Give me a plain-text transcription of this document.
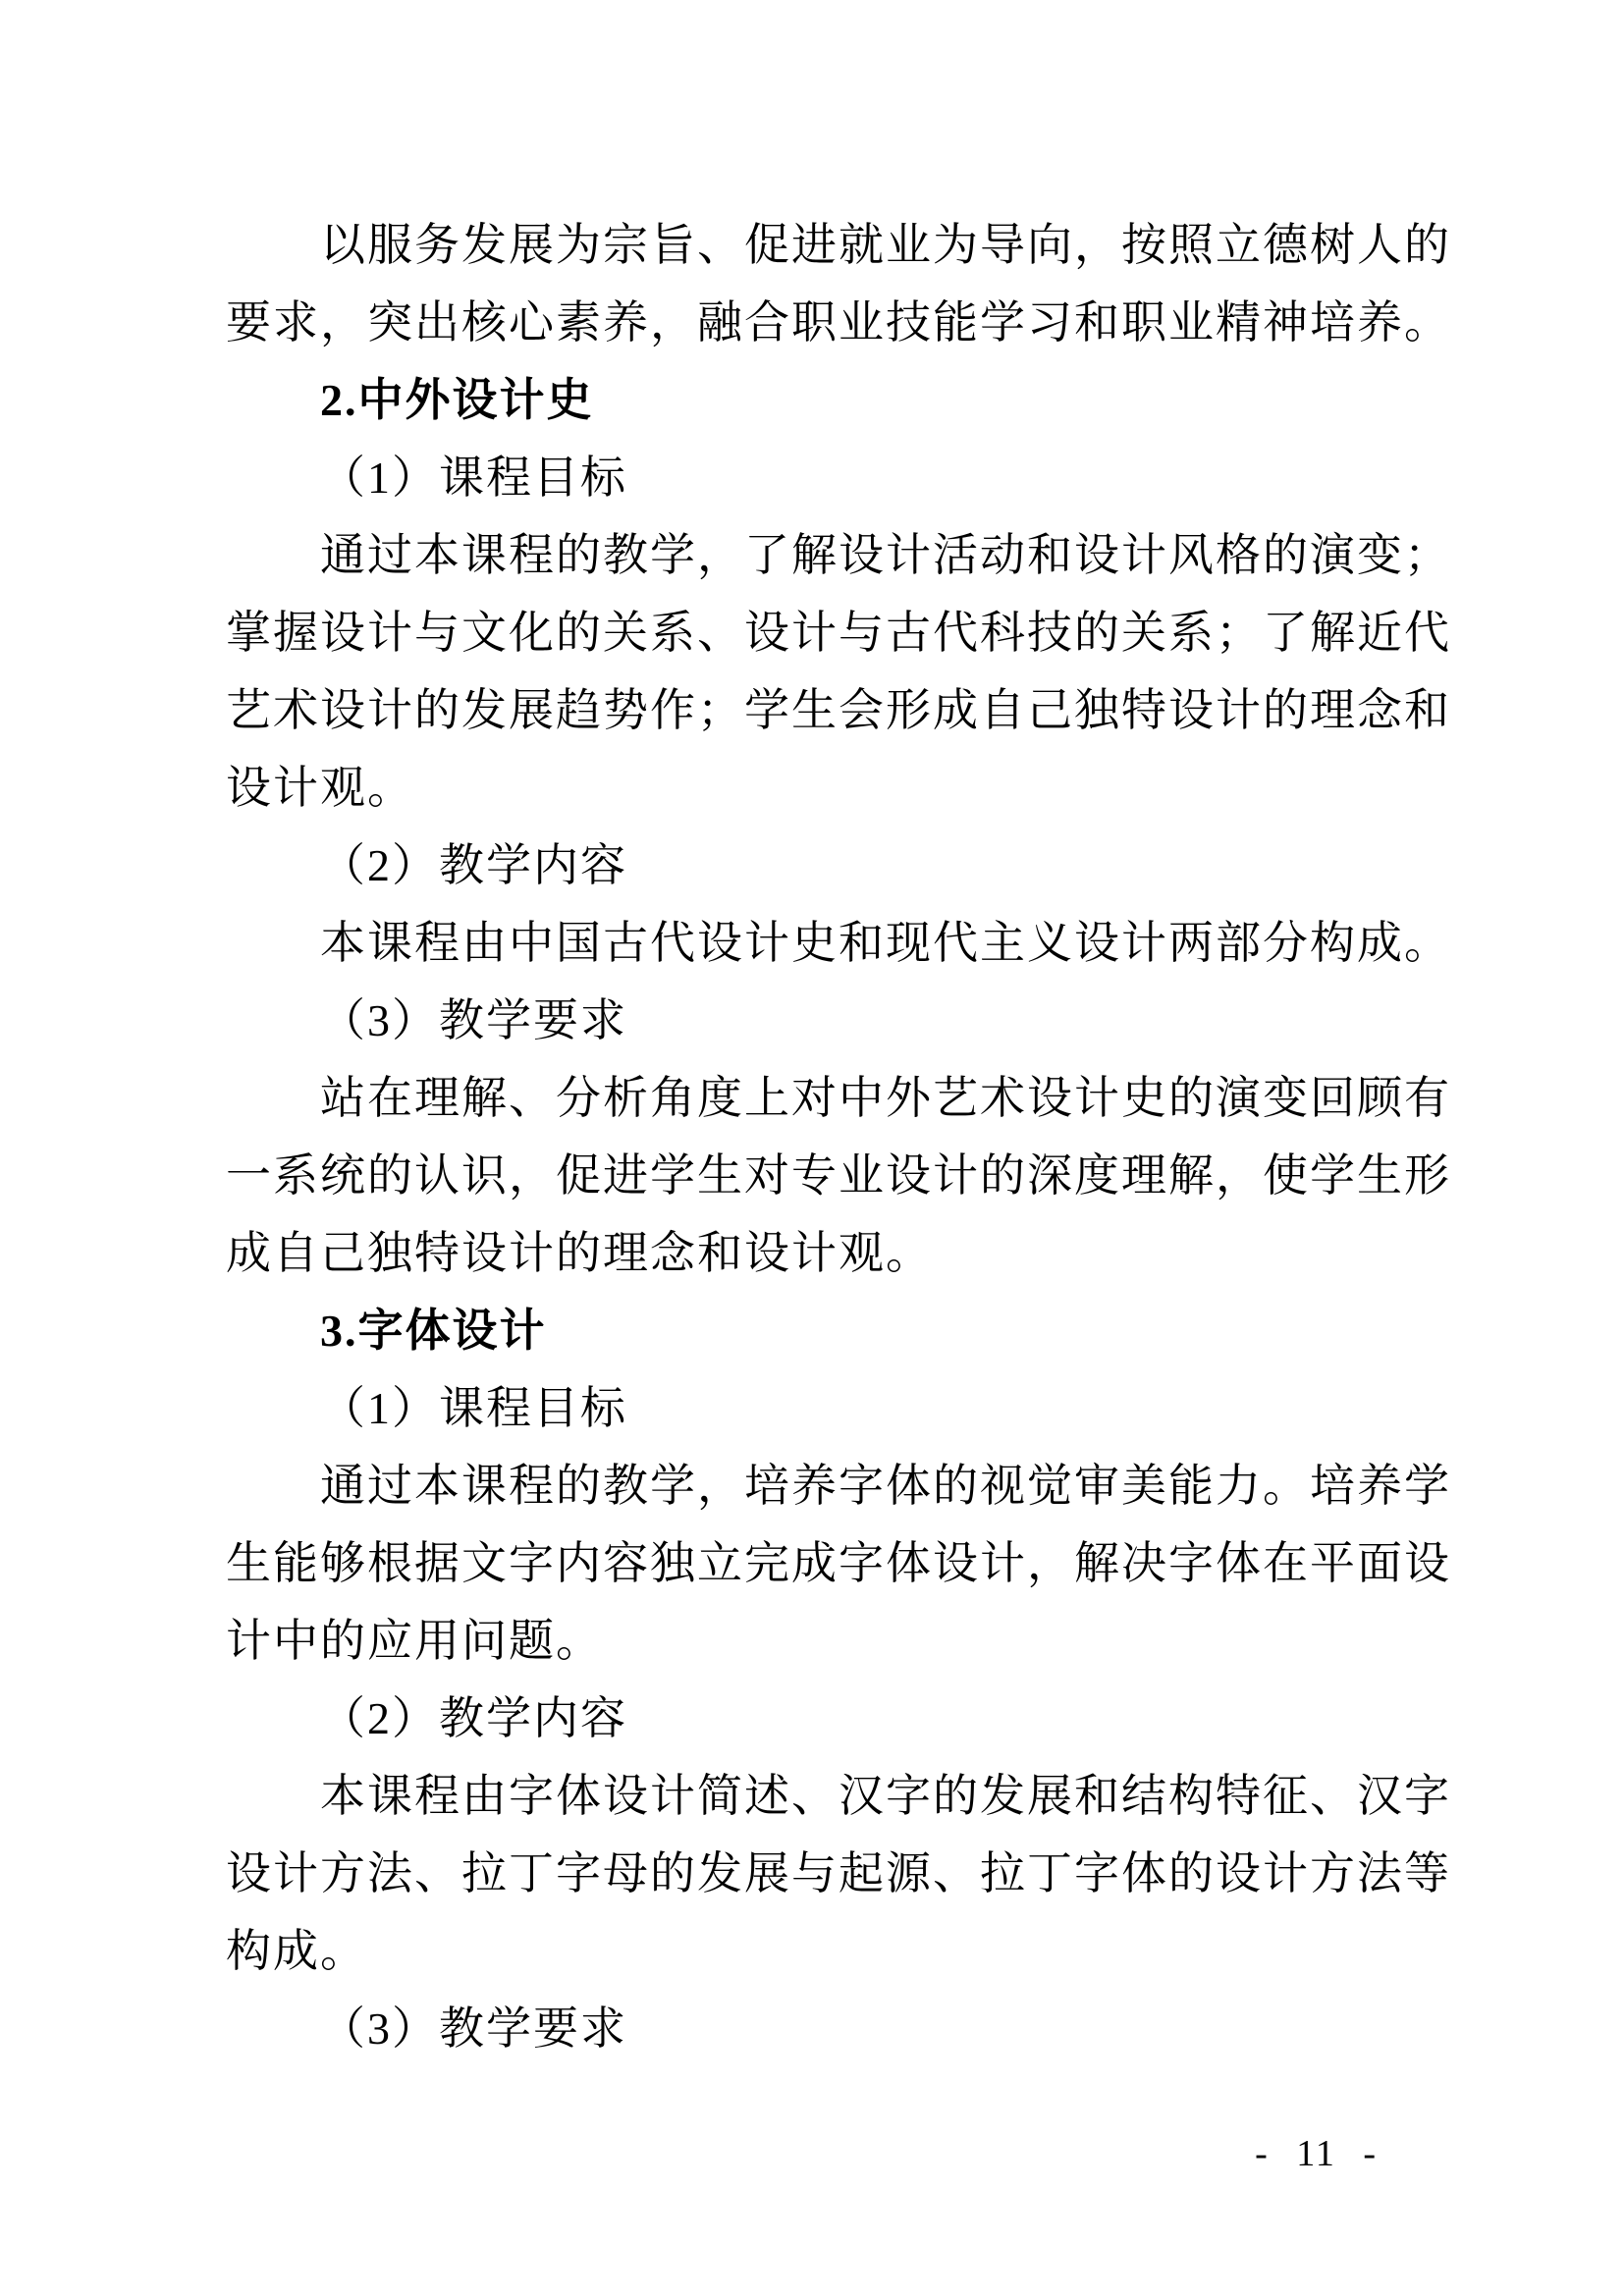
以服务发展为宗旨、促进就业为导向，按照立德树人的
要求，突出核心素养，融合职业技能学习和职业精神培养。
2.中外设计史
（1）课程目标
通过本课程的教学，了解设计活动和设计风格的演变；
掌握设计与文化的关系、设计与古代科技的关系；了解近代
艺术设计的发展趋势作；学生会形成自己独特设计的理念和
设计观。
（2）教学内容
本课程由中国古代设计史和现代主义设计两部分构成。
（3）教学要求
站在理解、分析角度上对中外艺术设计史的演变回顾有
一系统的认识，促进学生对专业设计的深度理解，使学生形
成自己独特设计的理念和设计观。
3.字体设计
（1）课程目标
通过本课程的教学，培养字体的视觉审美能力。培养学
生能够根据文字内容独立完成字体设计，解决字体在平面设
计中的应用问题。
（2）教学内容
本课程由字体设计简述、汉字的发展和结构特征、汉字
设计方法、拉丁字母的发展与起源、拉丁字体的设计方法等
构成。
（3）教学要求
- 11 -
